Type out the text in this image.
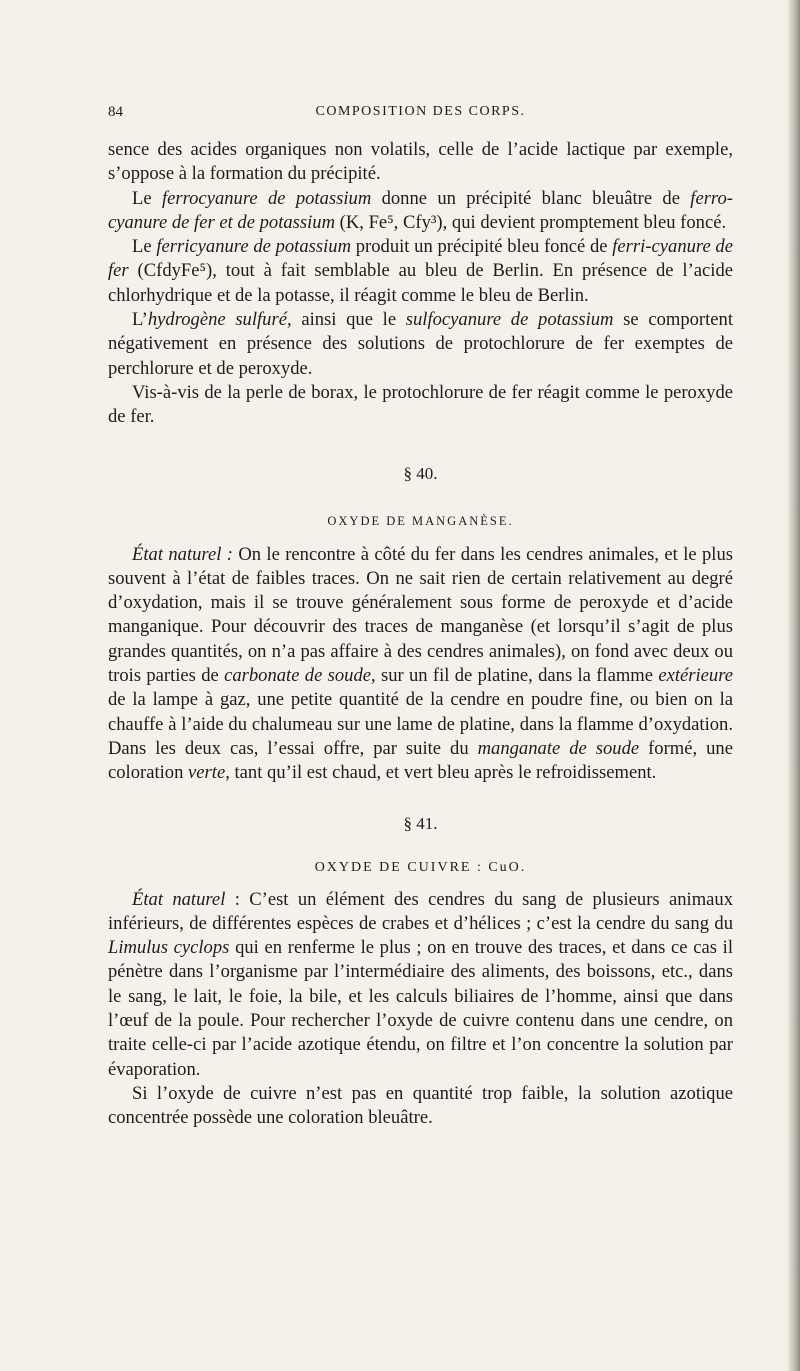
84	COMPOSITION DES CORPS.

sence des acides organiques non volatils, celle de l’acide lactique par exemple, s’oppose à la formation du précipité.

Le ferrocyanure de potassium donne un précipité blanc bleuâtre de ferro-cyanure de fer et de potassium (K, Fe⁵, Cfy³), qui devient promptement bleu foncé.

Le ferricyanure de potassium produit un précipité bleu foncé de ferri-cyanure de fer (CfdyFe⁵), tout à fait semblable au bleu de Berlin. En présence de l’acide chlorhydrique et de la potasse, il réagit comme le bleu de Berlin.

L’hydrogène sulfuré, ainsi que le sulfocyanure de potassium se comportent négativement en présence des solutions de protochlorure de fer exemptes de perchlorure et de peroxyde.

Vis-à-vis de la perle de borax, le protochlorure de fer réagit comme le peroxyde de fer.

§ 40.
OXYDE DE MANGANÈSE.

État naturel : On le rencontre à côté du fer dans les cendres animales, et le plus souvent à l’état de faibles traces. On ne sait rien de certain relativement au degré d’oxydation, mais il se trouve généralement sous forme de peroxyde et d’acide manganique. Pour découvrir des traces de manganèse (et lorsqu’il s’agit de plus grandes quantités, on n’a pas affaire à des cendres animales), on fond avec deux ou trois parties de carbonate de soude, sur un fil de platine, dans la flamme extérieure de la lampe à gaz, une petite quantité de la cendre en poudre fine, ou bien on la chauffe à l’aide du chalumeau sur une lame de platine, dans la flamme d’oxydation. Dans les deux cas, l’essai offre, par suite du manganate de soude formé, une coloration verte, tant qu’il est chaud, et vert bleu après le refroidissement.

§ 41.
OXYDE DE CUIVRE : CuO.

État naturel : C’est un élément des cendres du sang de plusieurs animaux inférieurs, de différentes espèces de crabes et d’hélices ; c’est la cendre du sang du Limulus cyclops qui en renferme le plus ; on en trouve des traces, et dans ce cas il pénètre dans l’organisme par l’intermédiaire des aliments, des boissons, etc., dans le sang, le lait, le foie, la bile, et les calculs biliaires de l’homme, ainsi que dans l’œuf de la poule. Pour rechercher l’oxyde de cuivre contenu dans une cendre, on traite celle-ci par l’acide azotique étendu, on filtre et l’on concentre la solution par évaporation.

Si l’oxyde de cuivre n’est pas en quantité trop faible, la solution azotique concentrée possède une coloration bleuâtre.
